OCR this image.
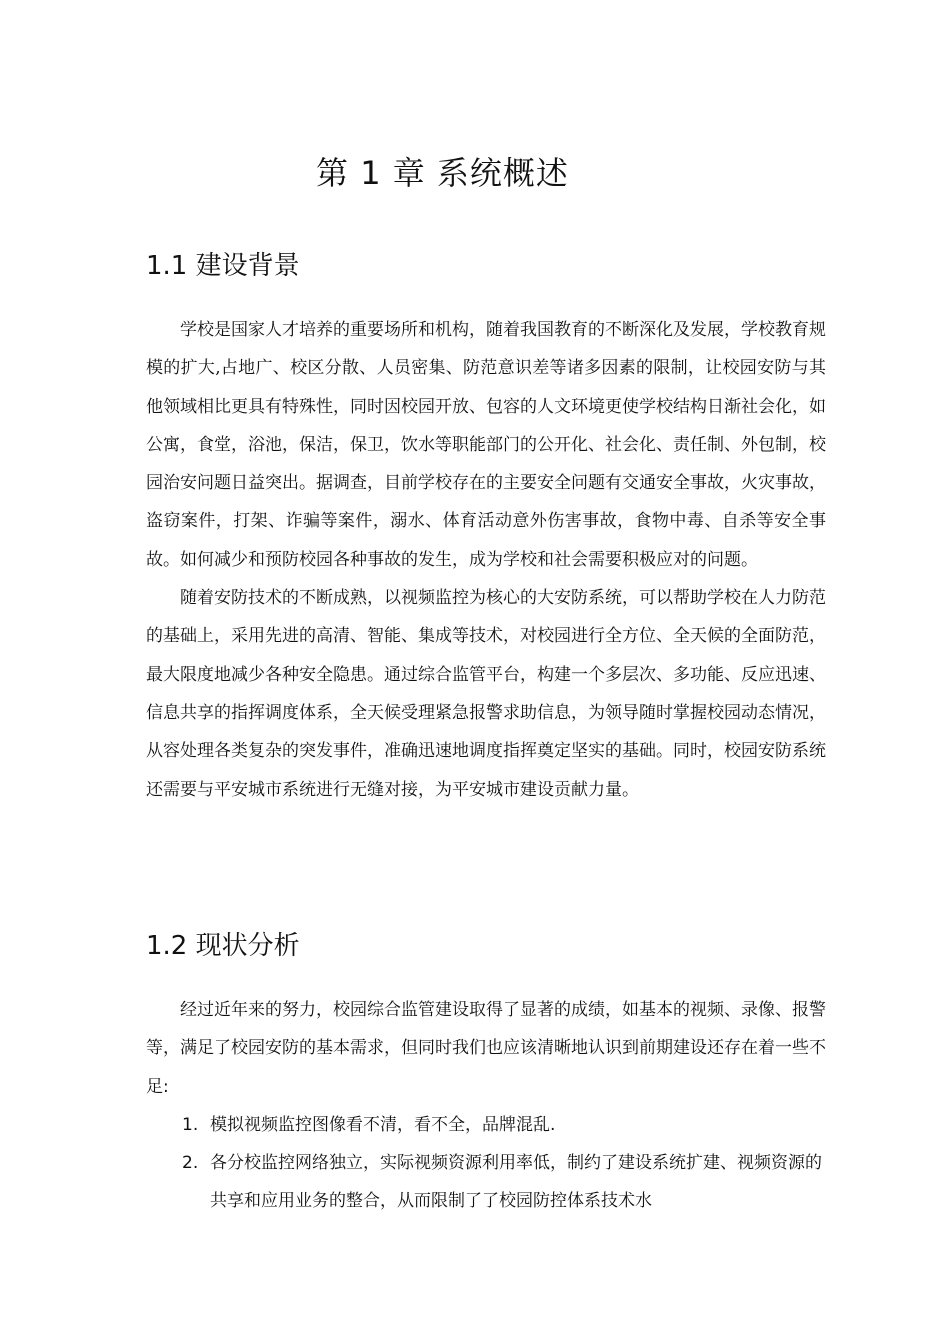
第 1 章 系统概述
1.1 建设背景

学校是国家人才培养的重要场所和机构，随着我国教育的不断深化及发展，学校教育规模的扩大,占地广、校区分散、人员密集、防范意识差等诸多因素的限制，让校园安防与其他领域相比更具有特殊性，同时因校园开放、包容的人文环境更使学校结构日渐社会化，如公寓，食堂，浴池，保洁，保卫，饮水等职能部门的公开化、社会化、责任制、外包制，校园治安问题日益突出。据调查，目前学校存在的主要安全问题有交通安全事故，火灾事故，盗窃案件，打架、诈骗等案件，溺水、体育活动意外伤害事故，食物中毒、自杀等安全事故。如何减少和预防校园各种事故的发生，成为学校和社会需要积极应对的问题。

随着安防技术的不断成熟，以视频监控为核心的大安防系统，可以帮助学校在人力防范的基础上，采用先进的高清、智能、集成等技术，对校园进行全方位、全天候的全面防范，最大限度地减少各种安全隐患。通过综合监管平台，构建一个多层次、多功能、反应迅速、信息共享的指挥调度体系，全天候受理紧急报警求助信息，为领导随时掌握校园动态情况，从容处理各类复杂的突发事件，准确迅速地调度指挥奠定坚实的基础。同时，校园安防系统还需要与平安城市系统进行无缝对接，为平安城市建设贡献力量。

1.2 现状分析

经过近年来的努力，校园综合监管建设取得了显著的成绩，如基本的视频、录像、报警等，满足了校园安防的基本需求，但同时我们也应该清晰地认识到前期建设还存在着一些不足:

1. 模拟视频监控图像看不清，看不全，品牌混乱.
2. 各分校监控网络独立，实际视频资源利用率低，制约了建设系统扩建、视频资源的共享和应用业务的整合，从而限制了了校园防控体系技术水
